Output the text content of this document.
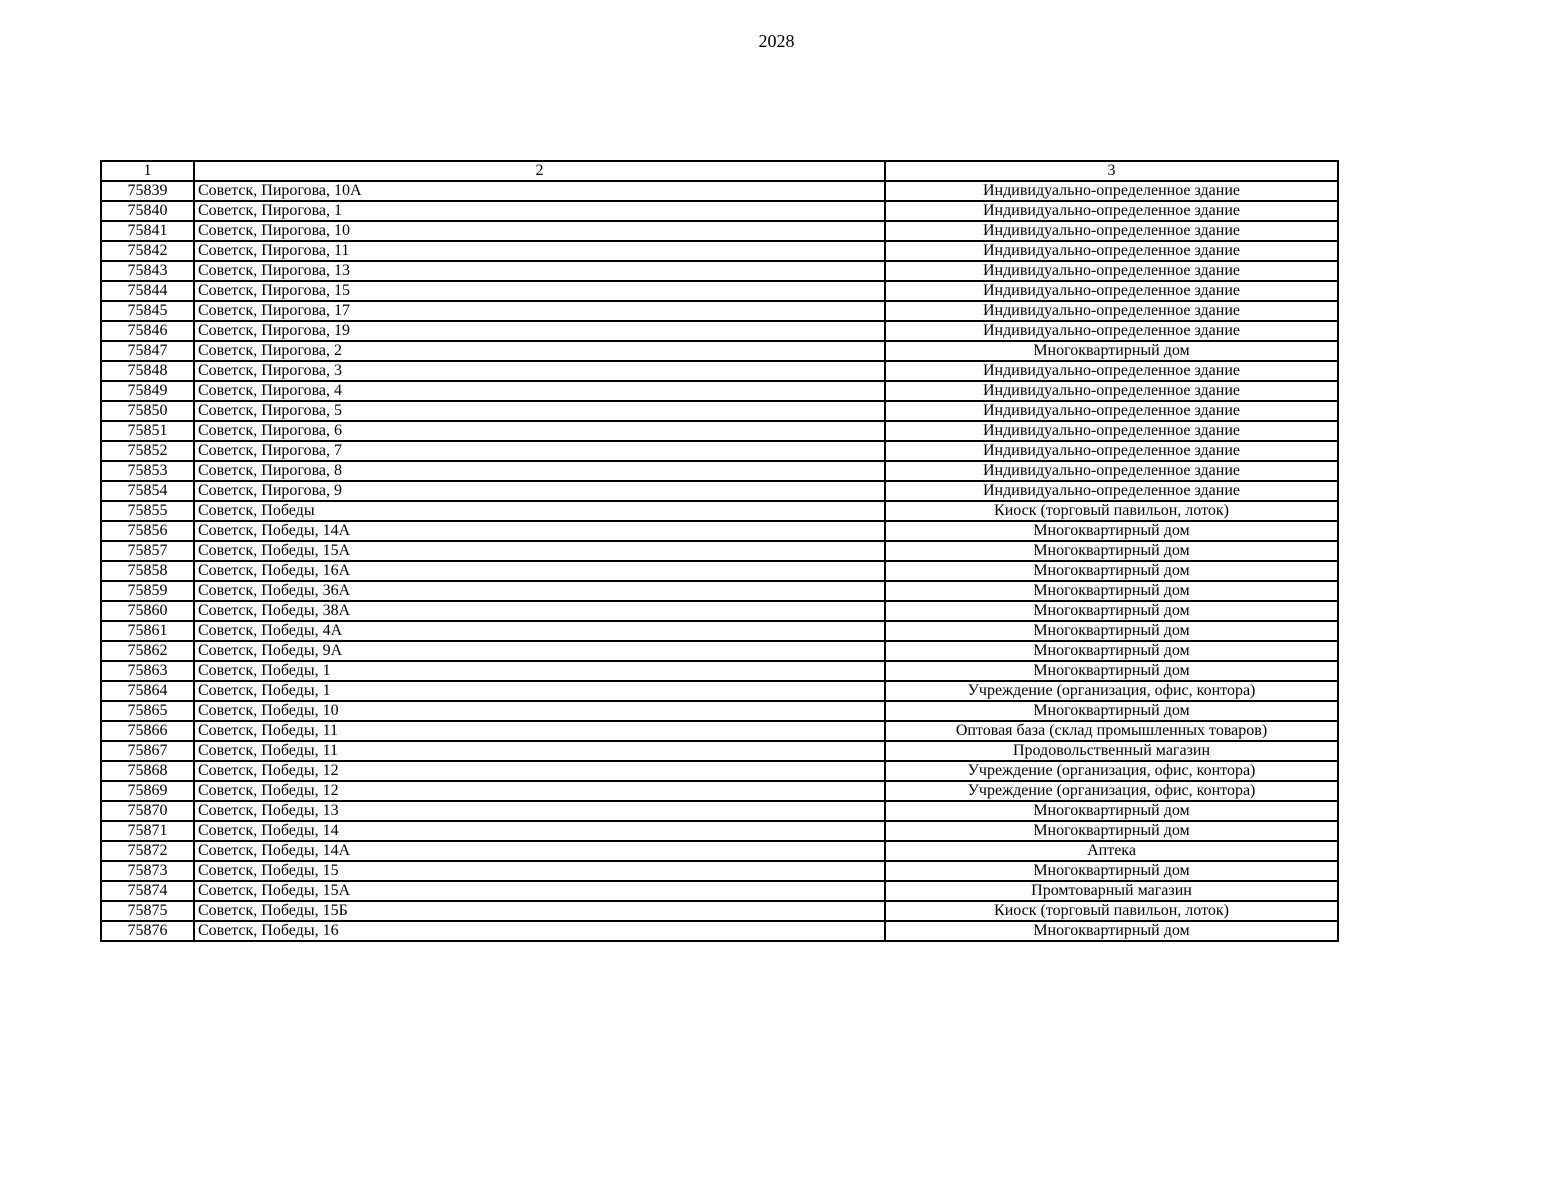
2028
1	2	3
75839	Советск, Пирогова, 10А	Индивидуально-определенное здание
75840	Советск, Пирогова, 1	Индивидуально-определенное здание
75841	Советск, Пирогова, 10	Индивидуально-определенное здание
75842	Советск, Пирогова, 11	Индивидуально-определенное здание
75843	Советск, Пирогова, 13	Индивидуально-определенное здание
75844	Советск, Пирогова, 15	Индивидуально-определенное здание
75845	Советск, Пирогова, 17	Индивидуально-определенное здание
75846	Советск, Пирогова, 19	Индивидуально-определенное здание
75847	Советск, Пирогова, 2	Многоквартирный дом
75848	Советск, Пирогова, 3	Индивидуально-определенное здание
75849	Советск, Пирогова, 4	Индивидуально-определенное здание
75850	Советск, Пирогова, 5	Индивидуально-определенное здание
75851	Советск, Пирогова, 6	Индивидуально-определенное здание
75852	Советск, Пирогова, 7	Индивидуально-определенное здание
75853	Советск, Пирогова, 8	Индивидуально-определенное здание
75854	Советск, Пирогова, 9	Индивидуально-определенное здание
75855	Советск, Победы	Киоск (торговый павильон, лоток)
75856	Советск, Победы, 14А	Многоквартирный дом
75857	Советск, Победы, 15А	Многоквартирный дом
75858	Советск, Победы, 16А	Многоквартирный дом
75859	Советск, Победы, 36А	Многоквартирный дом
75860	Советск, Победы, 38А	Многоквартирный дом
75861	Советск, Победы, 4А	Многоквартирный дом
75862	Советск, Победы, 9А	Многоквартирный дом
75863	Советск, Победы, 1	Многоквартирный дом
75864	Советск, Победы, 1	Учреждение (организация, офис, контора)
75865	Советск, Победы, 10	Многоквартирный дом
75866	Советск, Победы, 11	Оптовая база (склад промышленных товаров)
75867	Советск, Победы, 11	Продовольственный магазин
75868	Советск, Победы, 12	Учреждение (организация, офис, контора)
75869	Советск, Победы, 12	Учреждение (организация, офис, контора)
75870	Советск, Победы, 13	Многоквартирный дом
75871	Советск, Победы, 14	Многоквартирный дом
75872	Советск, Победы, 14А	Аптека
75873	Советск, Победы, 15	Многоквартирный дом
75874	Советск, Победы, 15А	Промтоварный магазин
75875	Советск, Победы, 15Б	Киоск (торговый павильон, лоток)
75876	Советск, Победы, 16	Многоквартирный дом
